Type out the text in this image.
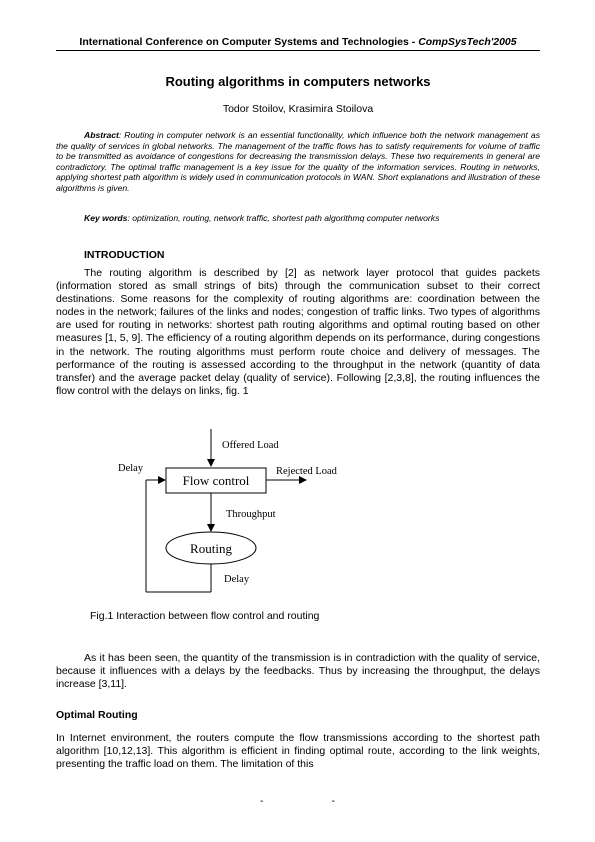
International Conference on Computer Systems and Technologies - CompSysTech'2005
Routing algorithms in computers networks
Todor Stoilov, Krasimira Stoilova
Abstract: Routing in computer network is an essential functionality, which influence both the network management as the quality of services in global networks. The management of the traffic flows has to satisfy requirements for volume of traffic to be transmitted as avoidance of congestions for decreasing the transmission delays. These two requirements in general are contradictory. The optimal traffic management is a key issue for the quality of the information services. Routing in networks, applying shortest path algorithm is widely used in communication protocols in WAN. Short explanations and illustration of these algorithms is given.
Key words: optimization, routing, network traffic, shortest path algorithmq computer networks
INTRODUCTION
The routing algorithm is described by [2] as network layer protocol that guides packets (information stored as small strings of bits) through the communication subset to their correct destinations. Some reasons for the complexity of routing algorithms are: coordination between the nodes in the network; failures of the links and nodes; congestion of traffic links. Two types of algorithms are used for routing in networks: shortest path routing algorithms and optimal routing based on other measures [1, 5, 9]. The efficiency of a routing algorithm depends on its performance, during congestions in the network. The routing algorithms must perform route choice and delivery of messages. The performance of the routing is assessed according to the throughput in the network (quantity of data transfer) and the average packet delay (quality of service). Following [2,3,8], the routing influences the flow control with the delays on links, fig. 1
Offered Load
Flow control
Rejected Load
Delay
Throughput
Routing
Delay
Fig.1 Interaction between flow control and routing
As it has been seen, the quantity of the transmission is in contradiction with the quality of service, because it influences with a delays by the feedbacks. Thus by increasing the throughput, the delays increase [3,11].
Optimal Routing
In Internet environment, the routers compute the flow transmissions according to the shortest path algorithm [10,12,13]. This algorithm is efficient in finding optimal route, according to the link weights, presenting the traffic load on them. The limitation of this
-	-
